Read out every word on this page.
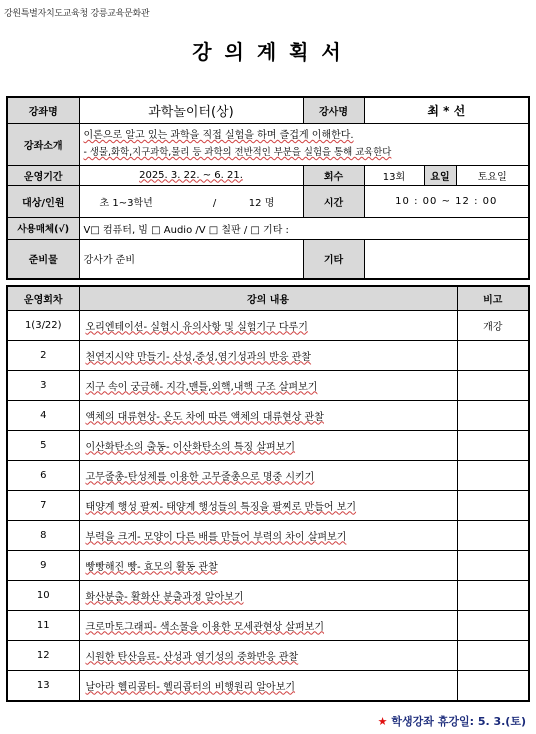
강원특별자치도교육청 강릉교육문화관
강 의 계 획 서
강좌명	과학놀이터(상)	강사명	최 * 선		
강좌소개	이론으로 알고 있는 과학을 직접 실험을 하며 즐겁게 이해한다.
- 생물,화학,지구과학,물리 등 과학의 전반적인 부분을 실험을 통해 교육한다				

운영기간	2025. 3. 22. ~ 6. 21.	회수	13회	요일	토요일
대상/인원	초 1~3학년 / 12 명	시간	10 : 00 ~ 12 : 00		
사용매체(√)	V□ 컴퓨터, 빔 □ Audio /V □ 칠판 / □ 기타 :				
준비물	강사가 준비	기타			
운영회차	강의 내용	비고
1(3/22)	오리엔테이션- 실험시 유의사항 및 실험기구 다루기	개강
2	천연지시약 만들기- 산성,중성,염기성과의 반응 관찰	
3	지구 속이 궁금해- 지각,맨틀,외핵,내핵 구조 살펴보기	
4	액체의 대류현상- 온도 차에 따른 액체의 대류현상 관찰	
5	이산화탄소의 출동- 이산화탄소의 특징 살펴보기	
6	고무줄총-탄성체를 이용한 고무줄총으로 명중 시키기	
7	태양계 행성 팔찌- 태양계 행성들의 특징을 팔찌로 만들어 보기	
8	부력을 크게- 모양이 다른 배를 만들어 부력의 차이 살펴보기	
9	빵빵해진 빵- 효모의 활동 관찰	
10	화산분출- 활화산 분출과정 알아보기	
11	크로마토그래피- 색소물을 이용한 모세관현상 살펴보기	
12	시원한 탄산음료- 산성과 염기성의 중화반응 관찰	
13	날아라 헬리콥터- 헬리콥터의 비행원리 알아보기	
★ 학생강좌 휴강일: 5. 3.(토)
